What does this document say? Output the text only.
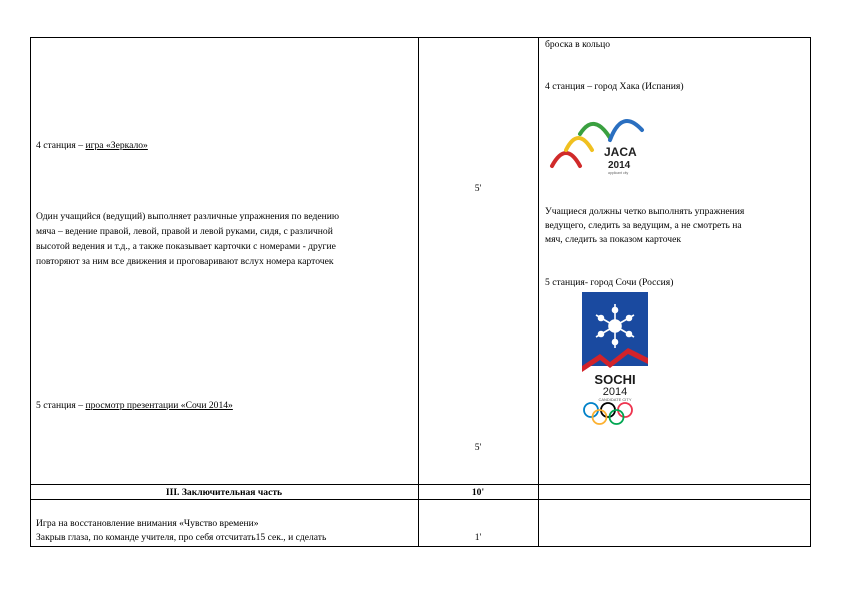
4 станция – игра «Зеркало»
Один учащийся (ведущий) выполняет различные упражнения по ведению
мяча – ведение правой, левой, правой и левой руками, сидя, с различной
высотой ведения и т.д., а также показывает карточки с номерами - другие
повторяют за ним все движения и проговаривают вслух номера карточек
5 станция – просмотр презентации «Сочи 2014»
III. Заключительная часть
Игра на восстановление внимания «Чувство времени»
Закрыв глаза, по команде учителя, про себя отсчитать15 сек., и сделать
5'
5'
10'
1'
броска в кольцо
4 станция – город Хака (Испания)
JACA
2014
applicant city
Учащиеся должны четко выполнять упражнения
ведущего, следить за ведущим, а не смотреть на
мяч, следить за показом карточек
5 станция- город Сочи (Россия)
SOCHI
2014
CANDIDATE CITY
